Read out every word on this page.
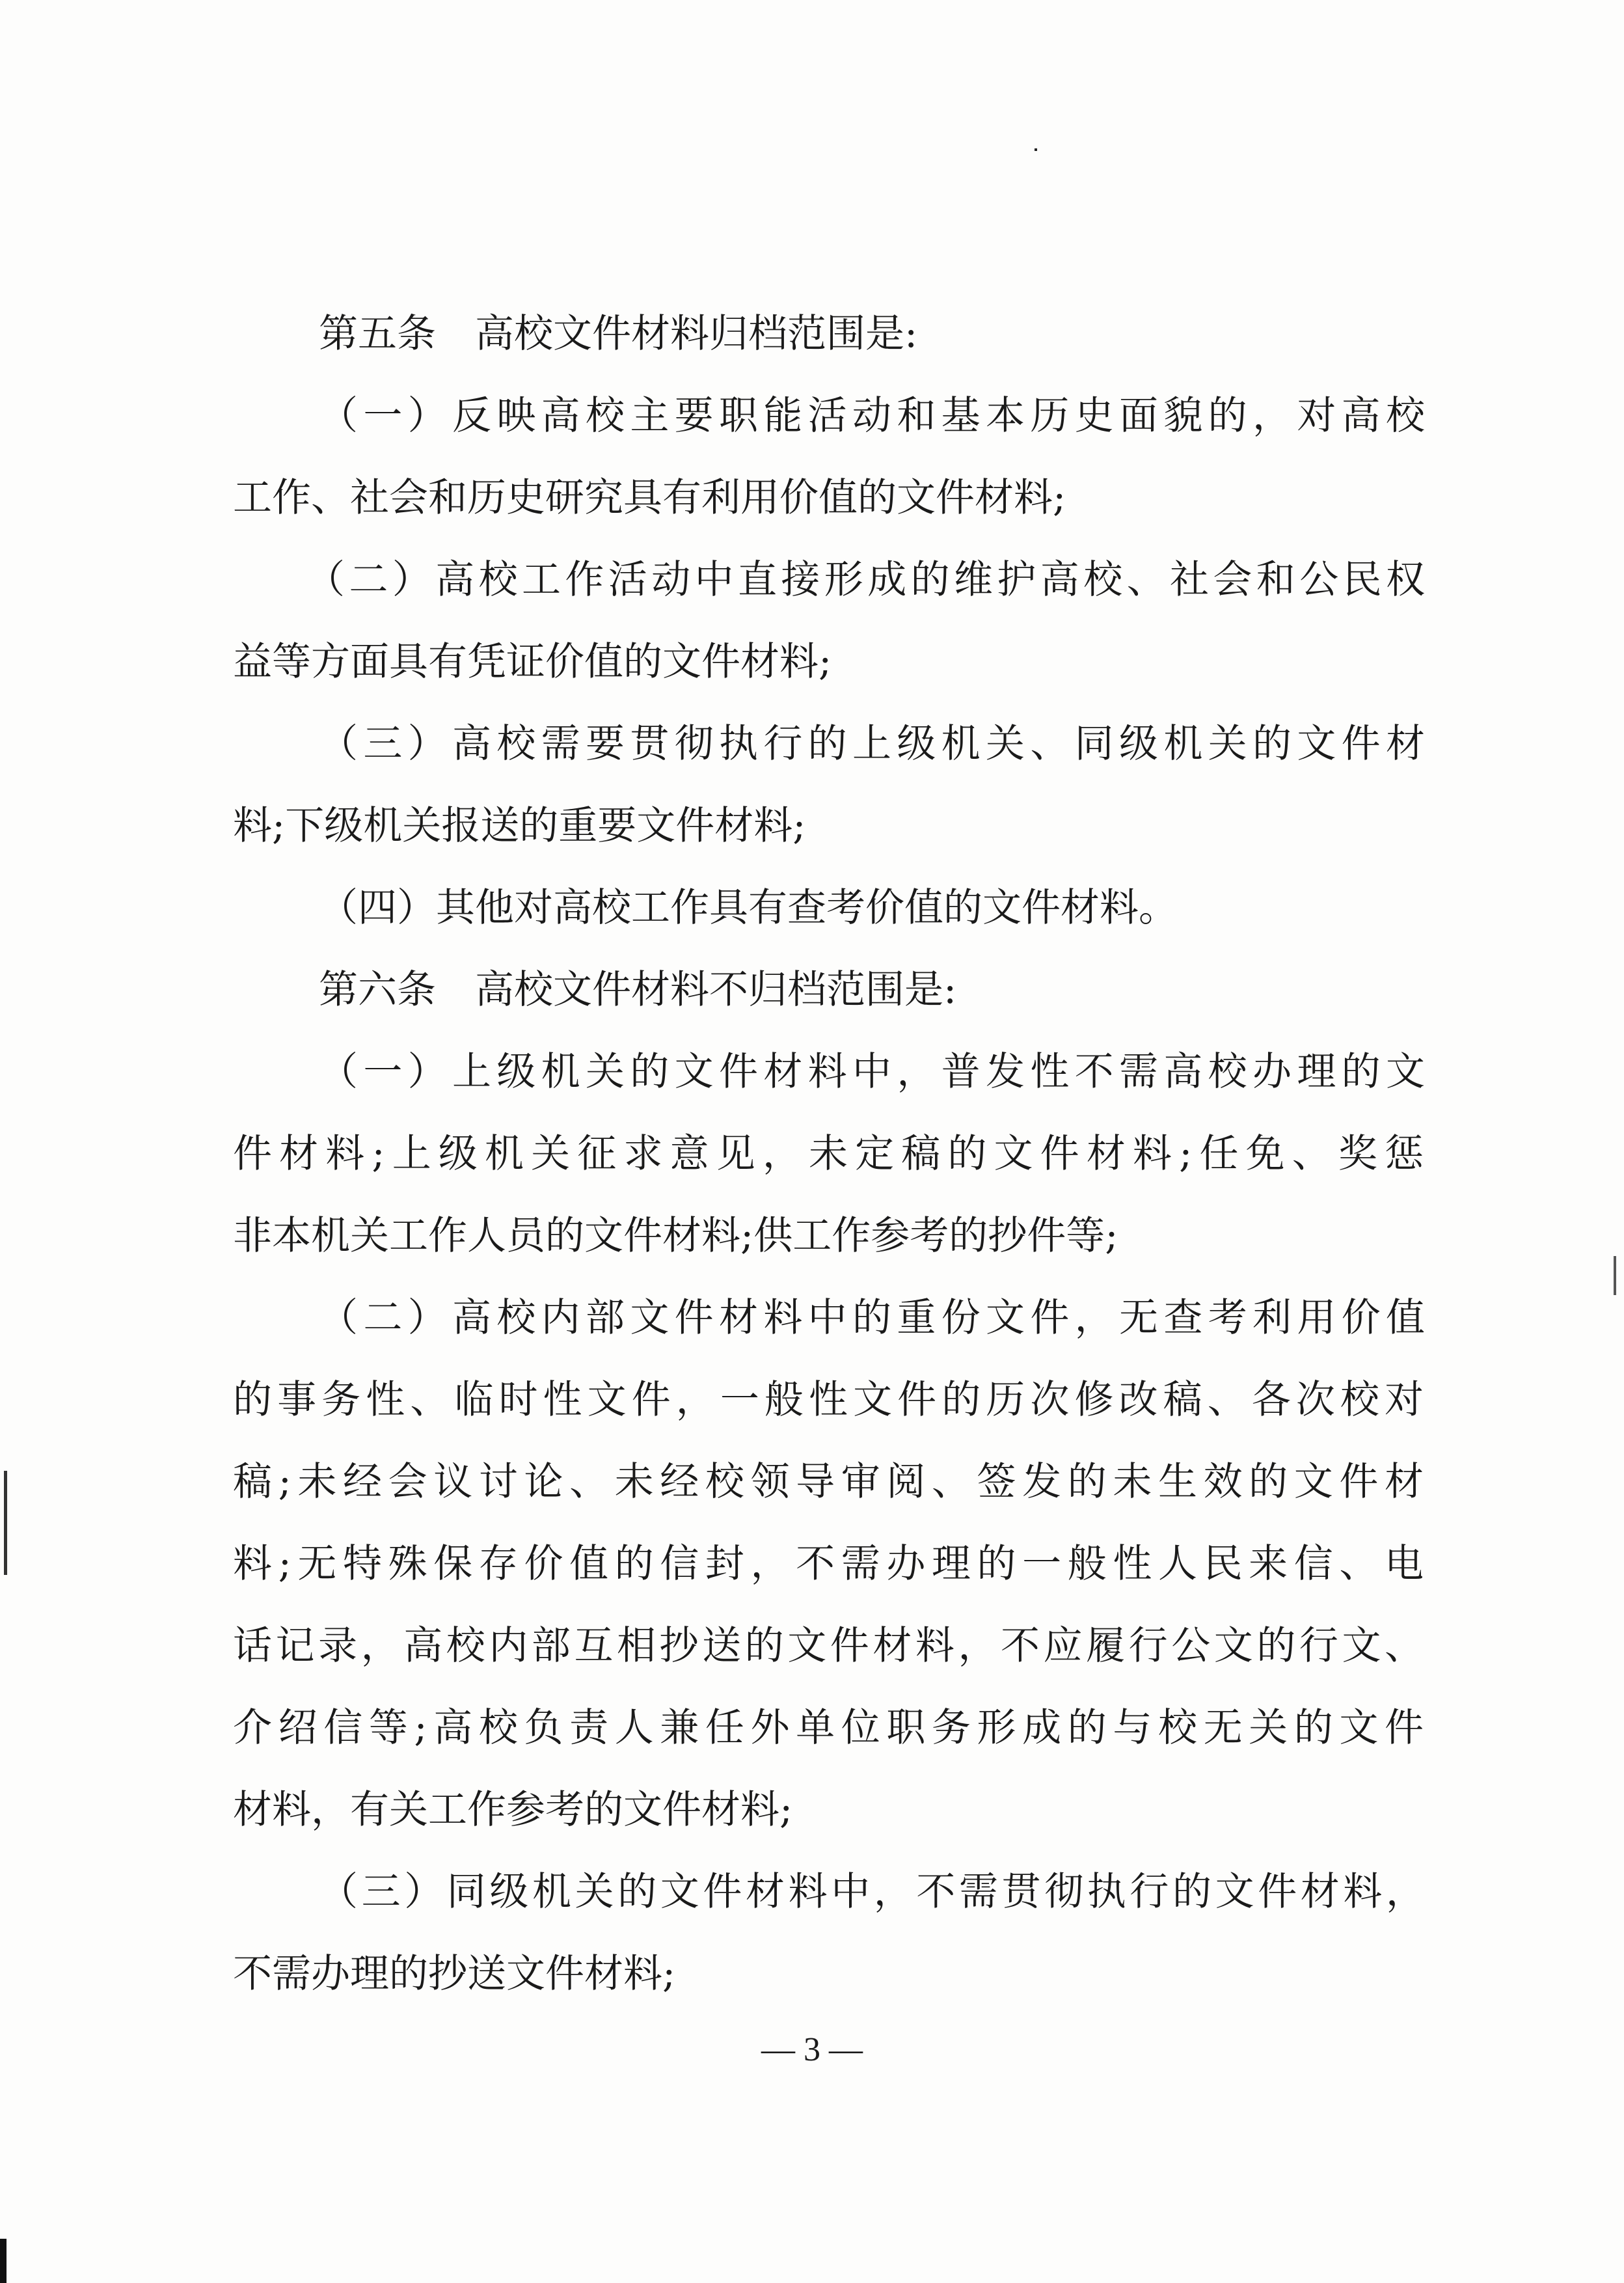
第五条　高校文件材料归档范围是:
（一）反映高校主要职能活动和基本历史面貌的，对高校
工作、社会和历史研究具有利用价值的文件材料;
（二）高校工作活动中直接形成的维护高校、社会和公民权
益等方面具有凭证价值的文件材料;
（三）高校需要贯彻执行的上级机关、同级机关的文件材
料;下级机关报送的重要文件材料;
（四）其他对高校工作具有查考价值的文件材料。
第六条　高校文件材料不归档范围是:
（一）上级机关的文件材料中，普发性不需高校办理的文
件材料;上级机关征求意见，未定稿的文件材料;任免、奖惩
非本机关工作人员的文件材料;供工作参考的抄件等;
（二）高校内部文件材料中的重份文件，无查考利用价值
的事务性、临时性文件，一般性文件的历次修改稿、各次校对
稿;未经会议讨论、未经校领导审阅、签发的未生效的文件材
料;无特殊保存价值的信封，不需办理的一般性人民来信、电
话记录，高校内部互相抄送的文件材料，不应履行公文的行文、
介绍信等;高校负责人兼任外单位职务形成的与校无关的文件
材料，有关工作参考的文件材料;
（三）同级机关的文件材料中，不需贯彻执行的文件材料，
不需办理的抄送文件材料;
— 3 —
